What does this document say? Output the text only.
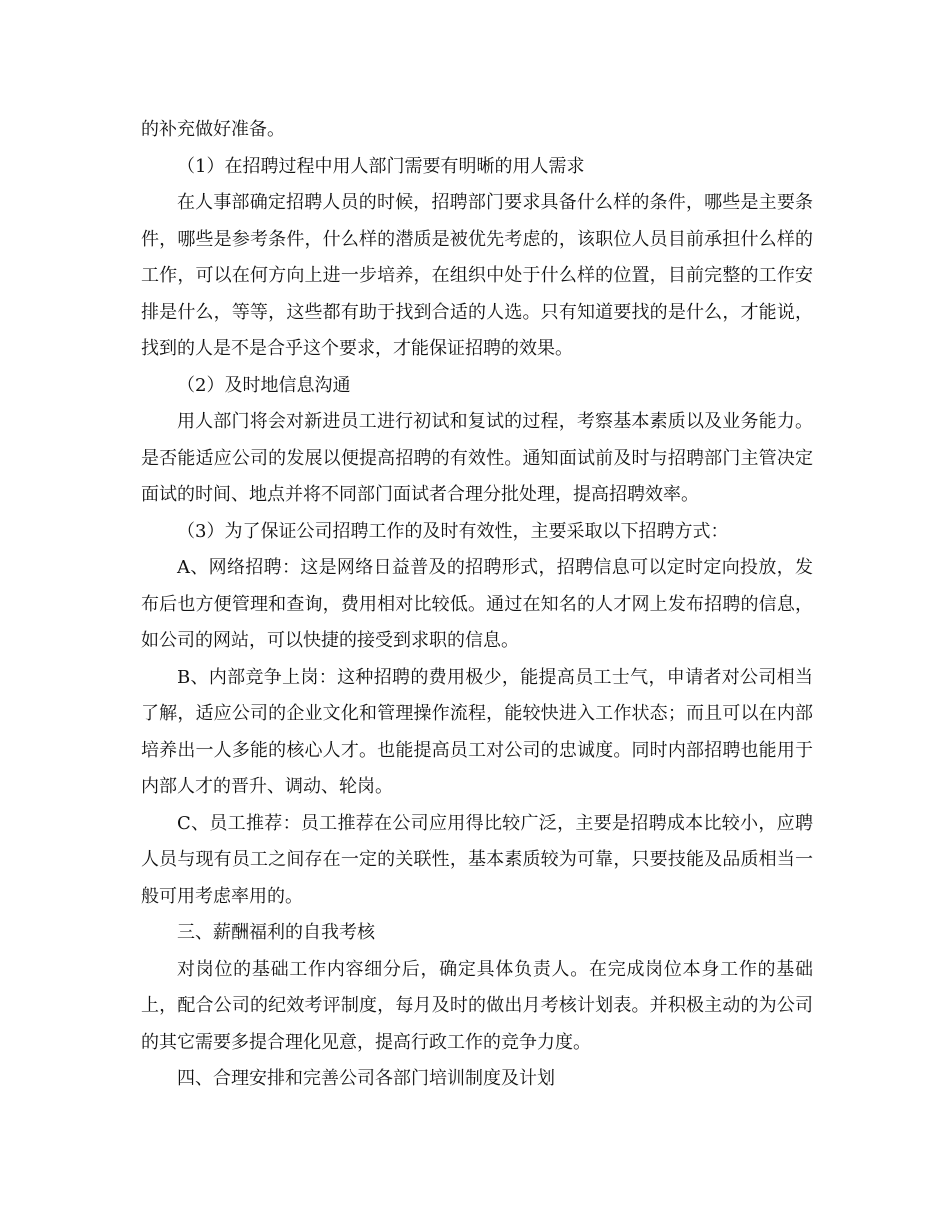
的补充做好准备。

（1）在招聘过程中用人部门需要有明晰的用人需求

在人事部确定招聘人员的时候，招聘部门要求具备什么样的条件，哪些是主要条件，哪些是参考条件，什么样的潜质是被优先考虑的，该职位人员目前承担什么样的工作，可以在何方向上进一步培养，在组织中处于什么样的位置，目前完整的工作安排是什么，等等，这些都有助于找到合适的人选。只有知道要找的是什么，才能说，找到的人是不是合乎这个要求，才能保证招聘的效果。

（2）及时地信息沟通

用人部门将会对新进员工进行初试和复试的过程，考察基本素质以及业务能力。是否能适应公司的发展以便提高招聘的有效性。通知面试前及时与招聘部门主管决定面试的时间、地点并将不同部门面试者合理分批处理，提高招聘效率。

（3）为了保证公司招聘工作的及时有效性，主要采取以下招聘方式：

A、网络招聘：这是网络日益普及的招聘形式，招聘信息可以定时定向投放，发布后也方便管理和查询，费用相对比较低。通过在知名的人才网上发布招聘的信息，如公司的网站，可以快捷的接受到求职的信息。

B、内部竞争上岗：这种招聘的费用极少，能提高员工士气，申请者对公司相当了解，适应公司的企业文化和管理操作流程，能较快进入工作状态；而且可以在内部培养出一人多能的核心人才。也能提高员工对公司的忠诚度。同时内部招聘也能用于内部人才的晋升、调动、轮岗。

C、员工推荐：员工推荐在公司应用得比较广泛，主要是招聘成本比较小，应聘人员与现有员工之间存在一定的关联性，基本素质较为可靠，只要技能及品质相当一般可用考虑率用的。

三、薪酬福利的自我考核

对岗位的基础工作内容细分后，确定具体负责人。在完成岗位本身工作的基础上，配合公司的纪效考评制度，每月及时的做出月考核计划表。并积极主动的为公司的其它需要多提合理化见意，提高行政工作的竞争力度。

四、合理安排和完善公司各部门培训制度及计划
